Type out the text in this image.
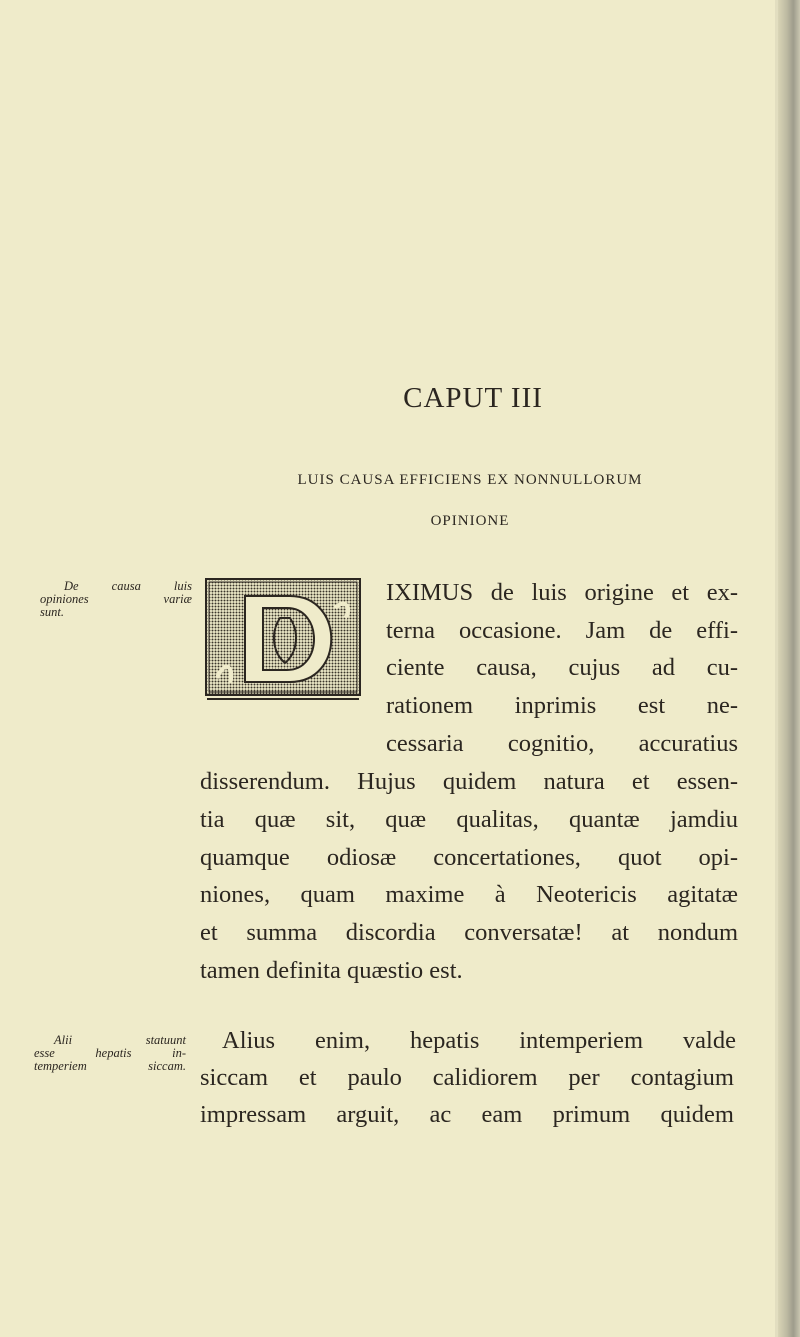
CAPUT III
LUIS CAUSA EFFICIENS EX NONNULLORUM
OPINIONE
De causa luis
opiniones variæ
sunt.
IXIMUS de luis origine et ex-
terna occasione. Jam de effi-
ciente causa, cujus ad cu-
rationem inprimis est ne-
cessaria cognitio, accuratius
disserendum. Hujus quidem natura et essen-
tia quæ sit, quæ qualitas, quantæ jamdiu
quamque odiosæ concertationes, quot opi-
niones, quam maxime à Neotericis agitatæ
et summa discordia conversatæ! at nondum
tamen definita quæstio est.
Alii statuunt
esse hepatis in-
temperiem siccam.
Alius enim, hepatis intemperiem valde
siccam et paulo calidiorem per contagium
impressam arguit, ac eam primum quidem
